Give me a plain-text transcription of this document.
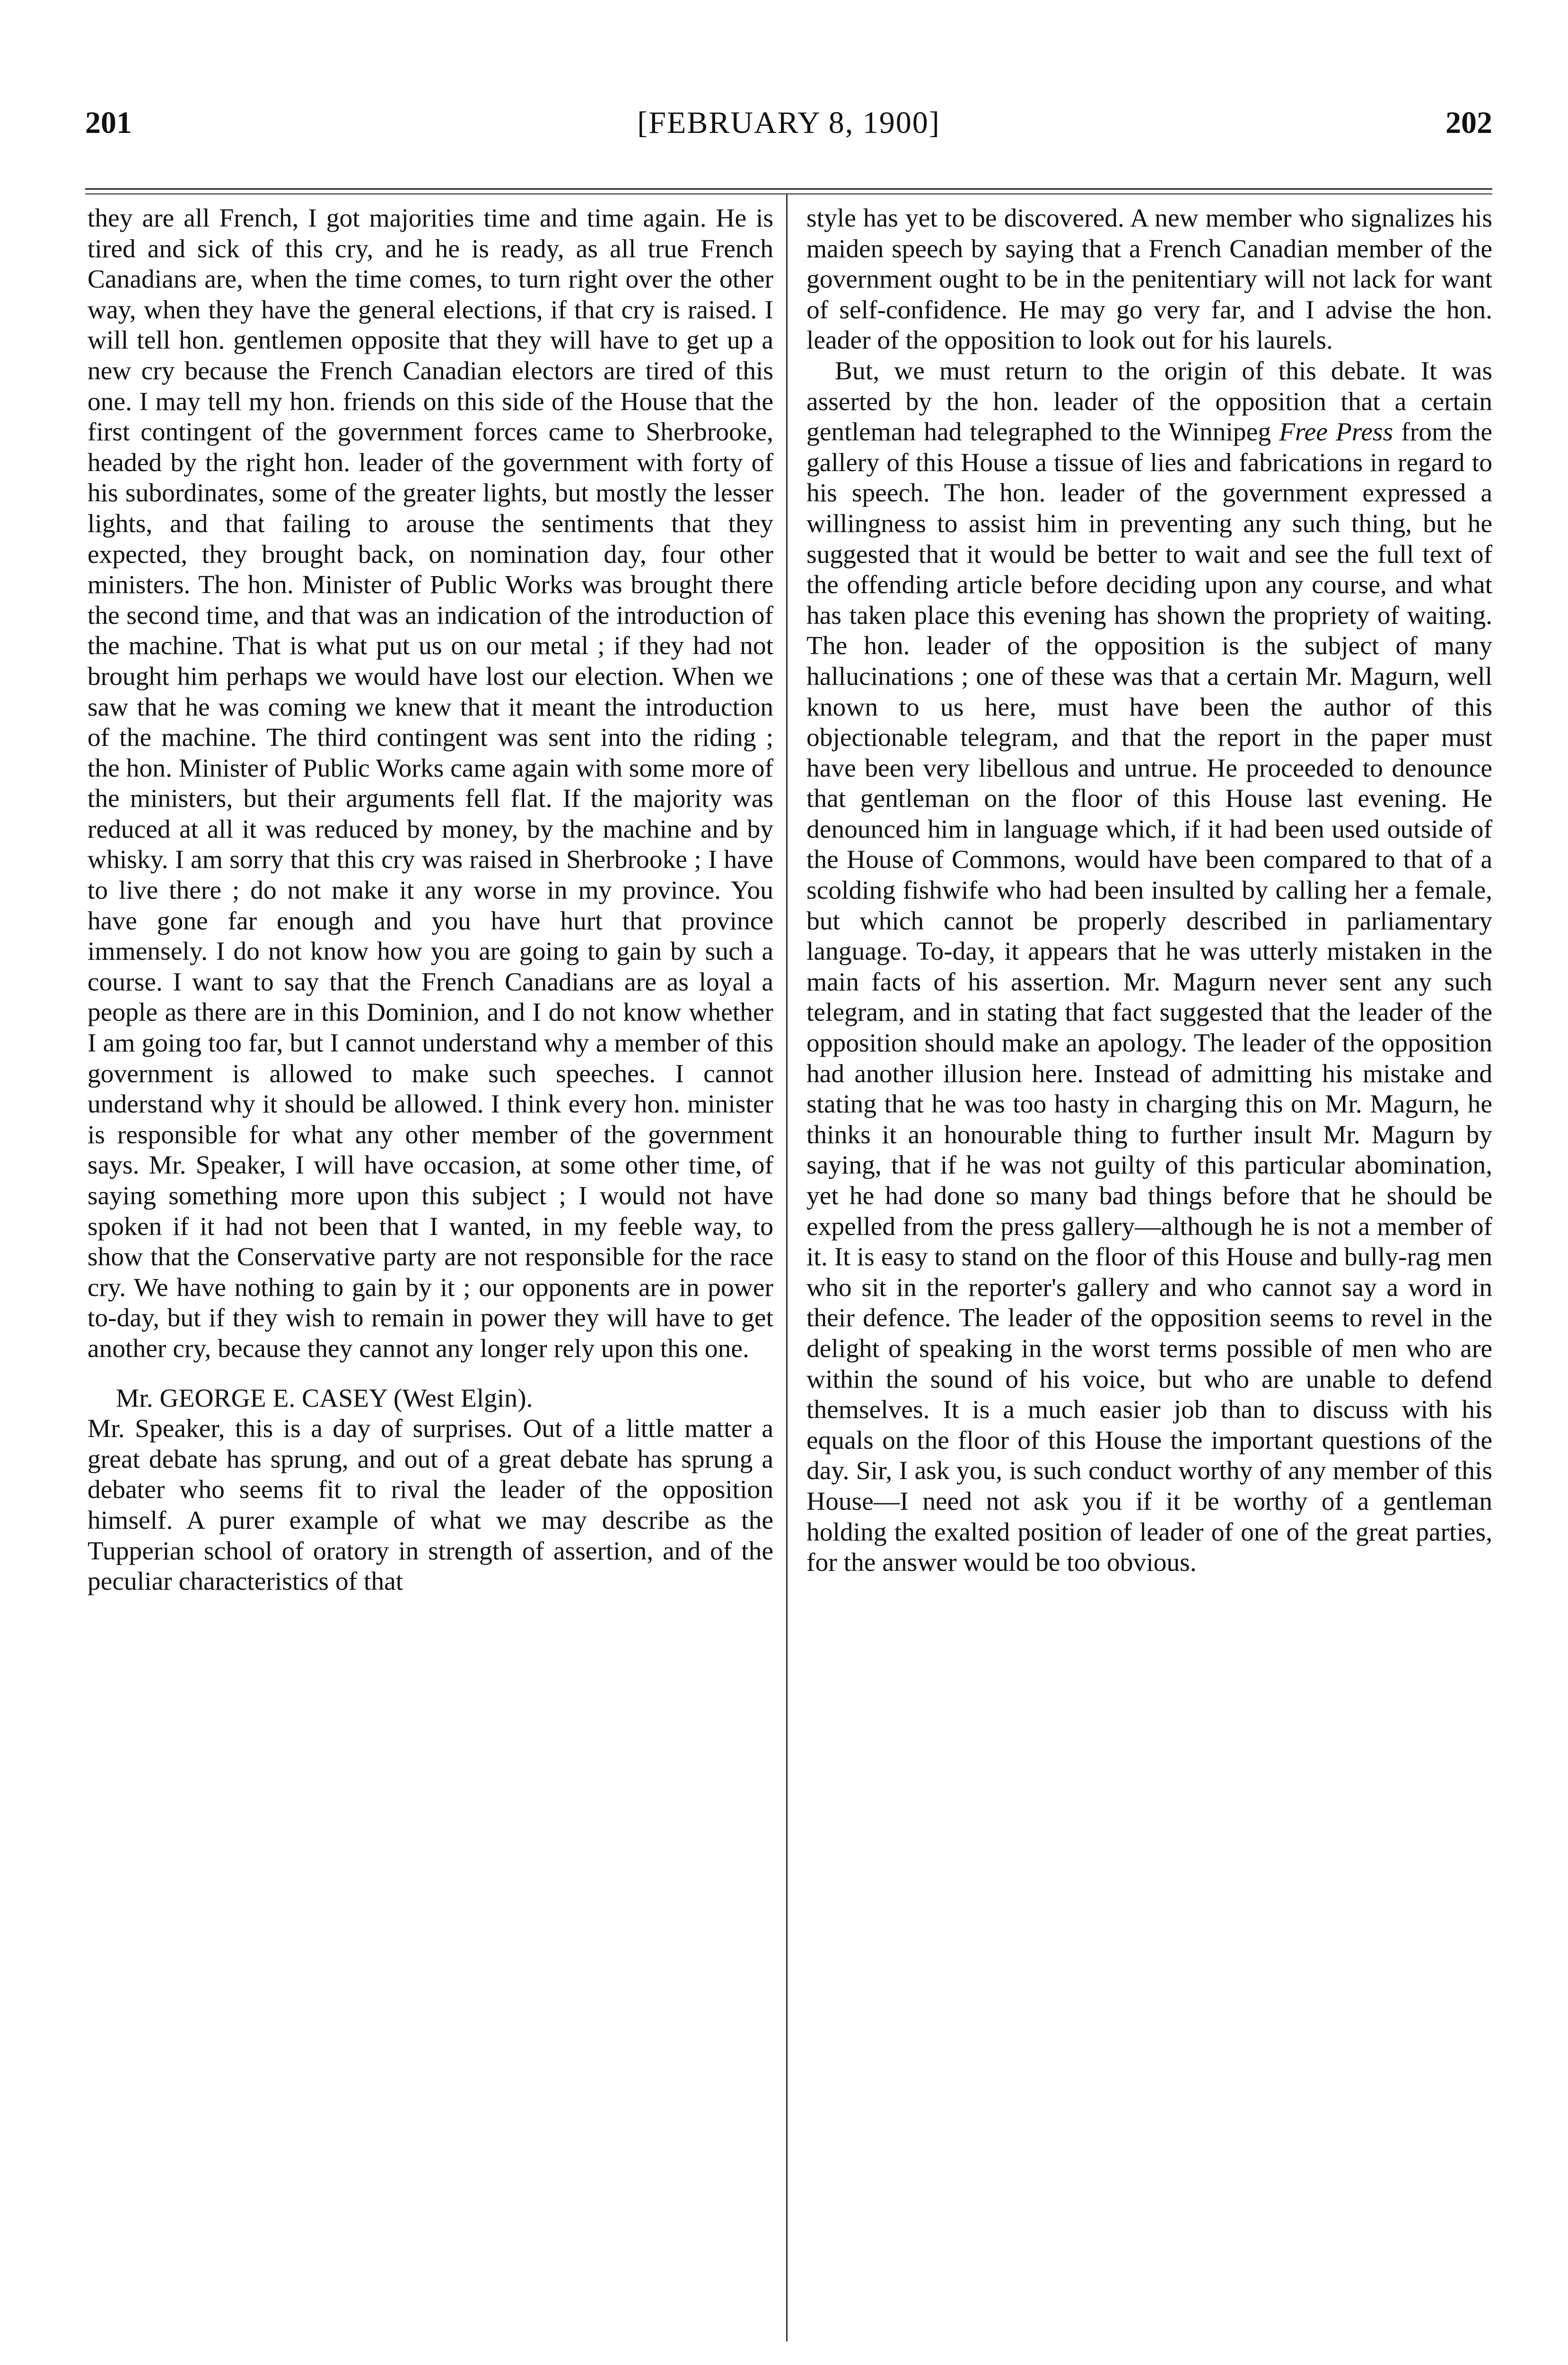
201	[FEBRUARY 8, 1900]	202

they are all French, I got majorities time and time again. He is tired and sick of this cry, and he is ready, as all true French Canadians are, when the time comes, to turn right over the other way, when they have the general elections, if that cry is raised. I will tell hon. gentlemen opposite that they will have to get up a new cry because the French Canadian electors are tired of this one. I may tell my hon. friends on this side of the House that the first contingent of the government forces came to Sherbrooke, headed by the right hon. leader of the government with forty of his subordinates, some of the greater lights, but mostly the lesser lights, and that failing to arouse the sentiments that they expected, they brought back, on nomination day, four other ministers. The hon. Minister of Public Works was brought there the second time, and that was an indication of the introduction of the machine. That is what put us on our metal ; if they had not brought him perhaps we would have lost our election. When we saw that he was coming we knew that it meant the introduction of the machine. The third contingent was sent into the riding ; the hon. Minister of Public Works came again with some more of the ministers, but their arguments fell flat. If the majority was reduced at all it was reduced by money, by the machine and by whisky. I am sorry that this cry was raised in Sherbrooke ; I have to live there ; do not make it any worse in my province. You have gone far enough and you have hurt that province immensely. I do not know how you are going to gain by such a course. I want to say that the French Canadians are as loyal a people as there are in this Dominion, and I do not know whether I am going too far, but I cannot understand why a member of this government is allowed to make such speeches. I cannot understand why it should be allowed. I think every hon. minister is responsible for what any other member of the government says. Mr. Speaker, I will have occasion, at some other time, of saying something more upon this subject ; I would not have spoken if it had not been that I wanted, in my feeble way, to show that the Conservative party are not responsible for the race cry. We have nothing to gain by it ; our opponents are in power to-day, but if they wish to remain in power they will have to get another cry, because they cannot any longer rely upon this one.

Mr. GEORGE E. CASEY (West Elgin).

Mr. Speaker, this is a day of surprises. Out of a little matter a great debate has sprung, and out of a great debate has sprung a debater who seems fit to rival the leader of the opposition himself. A purer example of what we may describe as the Tupperian school of oratory in strength of assertion, and of the peculiar characteristics of that

style has yet to be discovered. A new member who signalizes his maiden speech by saying that a French Canadian member of the government ought to be in the penitentiary will not lack for want of self-confidence. He may go very far, and I advise the hon. leader of the opposition to look out for his laurels.

But, we must return to the origin of this debate. It was asserted by the hon. leader of the opposition that a certain gentleman had telegraphed to the Winnipeg Free Press from the gallery of this House a tissue of lies and fabrications in regard to his speech. The hon. leader of the government expressed a willingness to assist him in preventing any such thing, but he suggested that it would be better to wait and see the full text of the offending article before deciding upon any course, and what has taken place this evening has shown the propriety of waiting. The hon. leader of the opposition is the subject of many hallucinations ; one of these was that a certain Mr. Magurn, well known to us here, must have been the author of this objectionable telegram, and that the report in the paper must have been very libellous and untrue. He proceeded to denounce that gentleman on the floor of this House last evening. He denounced him in language which, if it had been used outside of the House of Commons, would have been compared to that of a scolding fishwife who had been insulted by calling her a female, but which cannot be properly described in parliamentary language. To-day, it appears that he was utterly mistaken in the main facts of his assertion. Mr. Magurn never sent any such telegram, and in stating that fact suggested that the leader of the opposition should make an apology. The leader of the opposition had another illusion here. Instead of admitting his mistake and stating that he was too hasty in charging this on Mr. Magurn, he thinks it an honourable thing to further insult Mr. Magurn by saying, that if he was not guilty of this particular abomination, yet he had done so many bad things before that he should be expelled from the press gallery—although he is not a member of it. It is easy to stand on the floor of this House and bully-rag men who sit in the reporter's gallery and who cannot say a word in their defence. The leader of the opposition seems to revel in the delight of speaking in the worst terms possible of men who are within the sound of his voice, but who are unable to defend themselves. It is a much easier job than to discuss with his equals on the floor of this House the important questions of the day. Sir, I ask you, is such conduct worthy of any member of this House—I need not ask you if it be worthy of a gentleman holding the exalted position of leader of one of the great parties, for the answer would be too obvious.
